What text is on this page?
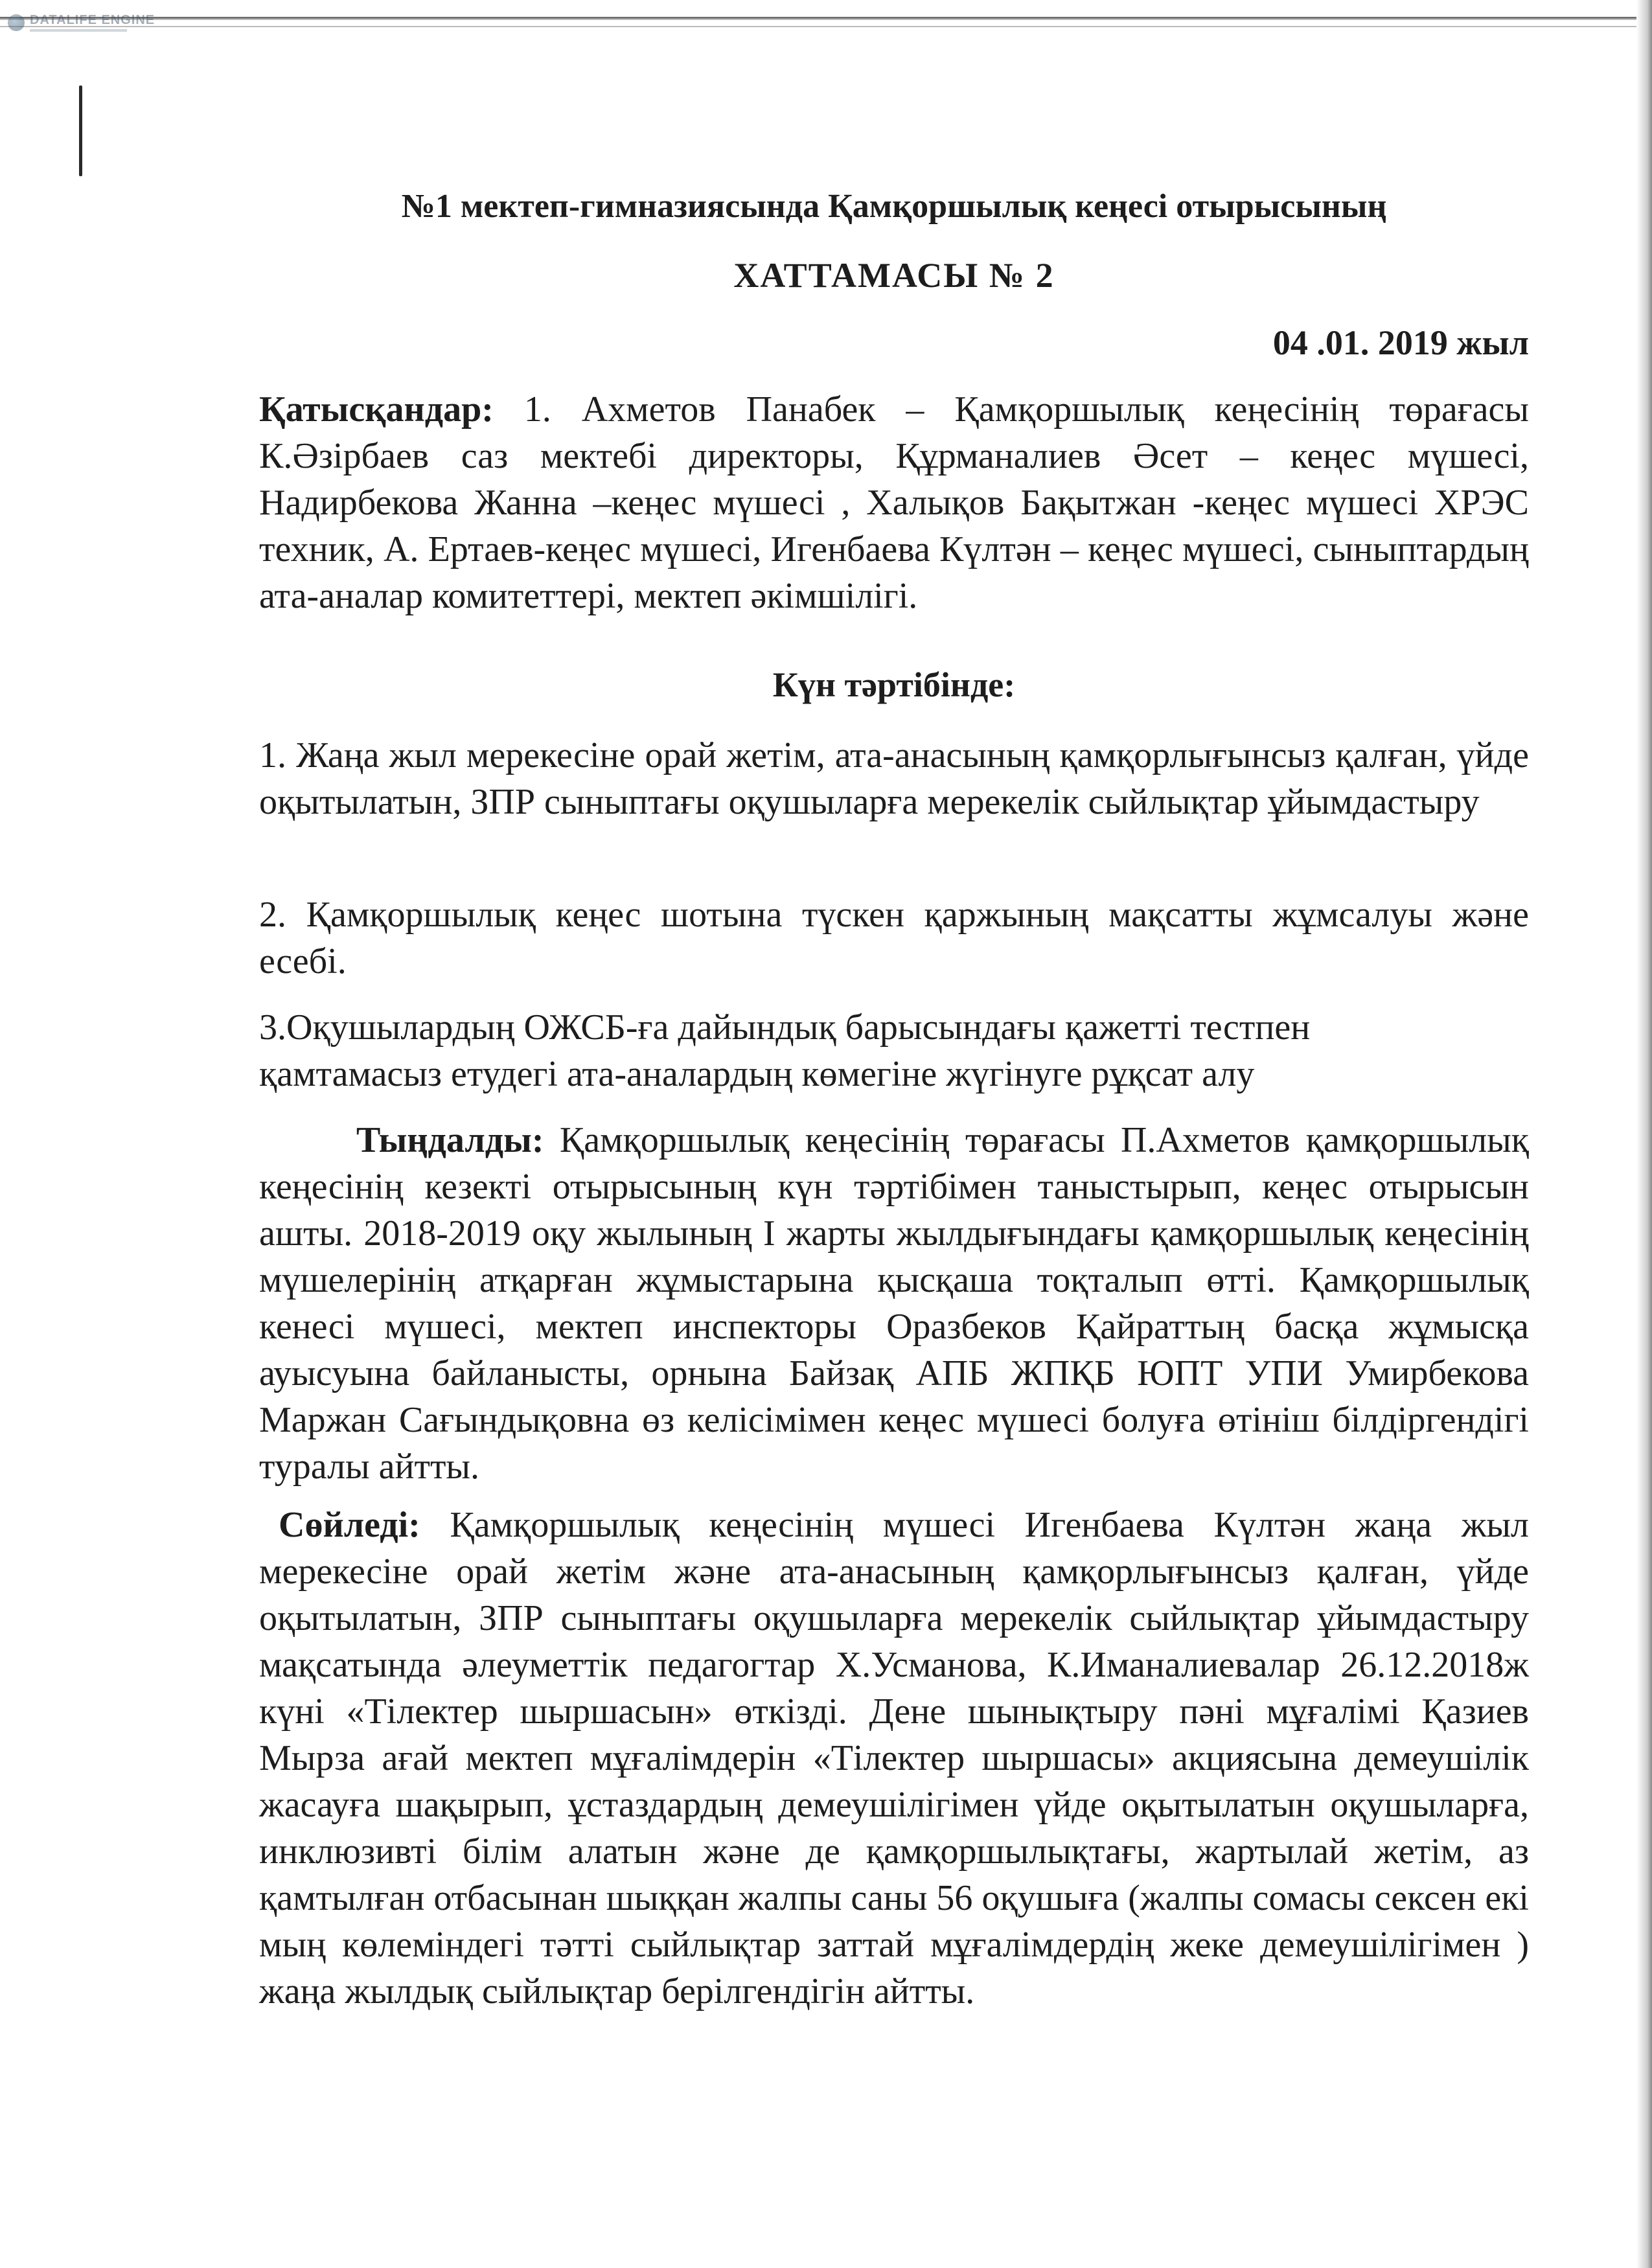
DATALIFE ENGINE
№1 мектеп-гимназиясында Қамқоршылық кеңесі отырысының
ХАТТАМАСЫ № 2
04 .01. 2019 жыл
Қатысқандар: 1. Ахметов Панабек – Қамқоршылық кеңесінің төрағасы К.Әзірбаев саз мектебі директоры, Құрманалиев Әсет – кеңес мүшесі, Надирбекова Жанна –кеңес мүшесі , Халықов Бақытжан -кеңес мүшесі ХРЭС техник, А. Ертаев-кеңес мүшесі, Игенбаева Күлтән – кеңес мүшесі, сыныптардың ата-аналар комитеттері, мектеп әкімшілігі.
Күн тәртібінде:
1. Жаңа жыл мерекесіне орай жетім, ата-анасының қамқорлығынсыз қалған, үйде оқытылатын, ЗПР сыныптағы оқушыларға мерекелік сыйлықтар ұйымдастыру
2. Қамқоршылық кеңес шотына түскен қаржының мақсатты жұмсалуы және есебі.
3.Оқушылардың ОЖСБ-ға дайындық барысындағы қажетті тестпен
қамтамасыз етудегі ата-аналардың көмегіне жүгінуге рұқсат алу
Тыңдалды: Қамқоршылық кеңесінің төрағасы П.Ахметов қамқоршылық кеңесінің кезекті отырысының күн тәртібімен таныстырып, кеңес отырысын ашты. 2018-2019 оқу жылының І жарты жылдығындағы қамқоршылық кеңесінің мүшелерінің атқарған жұмыстарына қысқаша тоқталып өтті. Қамқоршылық кенесі мүшесі, мектеп инспекторы Оразбеков Қайраттың басқа жұмысқа ауысуына байланысты, орнына Байзақ АПБ ЖПҚБ ЮПТ УПИ Умирбекова Маржан Сағындықовна өз келісімімен кеңес мүшесі болуға өтініш білдіргендігі туралы айтты.
Сөйледі: Қамқоршылық кеңесінің мүшесі Игенбаева Күлтән жаңа жыл мерекесіне орай жетім және ата-анасының қамқорлығынсыз қалған, үйде оқытылатын, ЗПР сыныптағы оқушыларға мерекелік сыйлықтар ұйымдастыру мақсатында әлеуметтік педагогтар Х.Усманова, К.Иманалиевалар 26.12.2018ж күні «Тілектер шыршасын» өткізді. Дене шынықтыру пәні мұғалімі Қазиев Мырза ағай мектеп мұғалімдерін «Тілектер шыршасы» акциясына демеушілік жасауға шақырып, ұстаздардың демеушілігімен үйде оқытылатын оқушыларға, инклюзивті білім алатын және де қамқоршылықтағы, жартылай жетім, аз қамтылған отбасынан шыққан жалпы саны 56 оқушыға (жалпы сомасы сексен екі мың көлеміндегі тәтті сыйлықтар заттай мұғалімдердің жеке демеушілігімен ) жаңа жылдық сыйлықтар берілгендігін айтты.
